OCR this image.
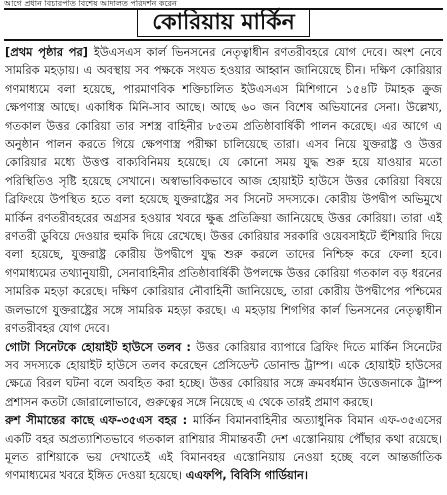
আগে প্রধান বিচারপতি বিশেষ আদালত পরিদর্শন করেন
কোরিয়ায় মার্কিন

[প্রথম পৃষ্ঠার পর] ইউএসএস কার্ল ভিনসনের নেতৃত্বাধীন রণতরীবহরে যোগ দেবে। অংশ নেবে সামরিক মহড়ায়। এ অবস্থায় সব পক্ষকে সংযত হওয়ার আহ্বান জানিয়েছে চীন। দক্ষিণ কোরিয়ার গণমাধ্যমে বলা হয়েছে, পারমাণবিক শক্তিচালিত ইউএসএস মিশিগানে ১৫৪টি টমাহক ক্রুজ ক্ষেপণাস্ত্র আছে। একাধিক মিনি-সাব আছে। আছে ৬০ জন বিশেষ অভিযানের সেনা। উল্লেখ্য, গতকাল উত্তর কোরিয়া তার সশস্ত্র বাহিনীর ৮৫তম প্রতিষ্ঠাবার্ষিকী পালন করেছে। এর আগে এ অনুষ্ঠান পালন করতে গিয়ে ক্ষেপণাস্ত্র পরীক্ষা চালিয়েছে তারা। এসব নিয়ে যুক্তরাষ্ট্র ও উত্তর কোরিয়ার মধ্যে উত্তপ্ত বাক্যবিনিময় হয়েছে। যে কোনো সময় যুদ্ধ শুরু হয়ে যাওয়ার মতো পরিস্থিতিও সৃষ্টি হয়েছে সেখানে। অস্বাভাবিকভাবে আজ হোয়াইট হাউসে উত্তর কোরিয়া বিষয়ে ব্রিফিংয়ে উপস্থিত হতে বলা হয়েছে যুক্তরাষ্ট্রের সব সিনেট সদস্যকে। কোরীয় উপদ্বীপ অভিমুখে মার্কিন রণতরীবহরের অগ্রসর হওয়ার খবরে ক্ষুব্ধ প্রতিক্রিয়া জানিয়েছে উত্তর কোরিয়া। তারা এই রণতরী ডুবিয়ে দেওয়ার হুমকি দিয়ে রেখেছে। উত্তর কোরিয়ার সরকারি ওয়েবসাইটে হুঁশিয়ারি দিয়ে বলা হয়েছে, যুক্তরাষ্ট্র কোরীয় উপদ্বীপে যুদ্ধ শুরু করলে তাদের নিশ্চিহ্ন করে ফেলা হবে। গণমাধ্যমের তথ্যানুযায়ী, সেনাবাহিনীর প্রতিষ্ঠাবার্ষিকী উপলক্ষে উত্তর কোরিয়া গতকাল বড় ধরনের সামরিক মহড়া করেছে। দক্ষিণ কোরিয়ার নৌবাহিনী জানিয়েছে, তারা কোরীয় উপদ্বীপের পশ্চিমের জলভাগে যুক্তরাষ্ট্রের সঙ্গে সামরিক মহড়া করছে। এ মহড়ায় শিগগির কার্ল ভিনসনের নেতৃত্বাধীন রণতরীবহর যোগ দেবে।

গোটা সিনেটকে হোয়াইট হাউসে তলব : উত্তর কোরিয়ার ব্যাপারে ব্রিফিং দিতে মার্কিন সিনেটের সব সদস্যকে হোয়াইট হাউসে তলব করেছেন প্রেসিডেন্ট ডোনাল্ড ট্রাম্প। একে হোয়াইট হাউসের ক্ষেত্রে বিরল ঘটনা বলে অবহিত করা হচ্ছে। উত্তর কোরিয়ার সঙ্গে ক্রমবর্ধমান উত্তেজনাকে ট্রাম্প প্রশাসন কতটা জোরালোভাবে, গুরুত্বের সঙ্গে নিয়েছে এ থেকে তারই প্রমাণ করছে।

রুশ সীমান্তের কাছে এফ-৩৫এস বহর : মার্কিন বিমানবাহিনীর অত্যাধুনিক বিমান এফ-৩৫এসের একটি বহর অপ্রত্যাশিতভাবে গতকাল রাশিয়ার সীমান্তবর্তী দেশ এস্তোনিয়ায় পৌঁছার কথা রয়েছে। মূলত রাশিয়াকে ভয় দেখাতেই এই বিমানবহর এস্তোনিয়ায় নেওয়া হচ্ছে বলে আন্তর্জাতিক গণমাধ্যমের খবরে ইঙ্গিত দেওয়া হয়েছে। এএফপি, বিবিসি গার্ডিয়ান।
